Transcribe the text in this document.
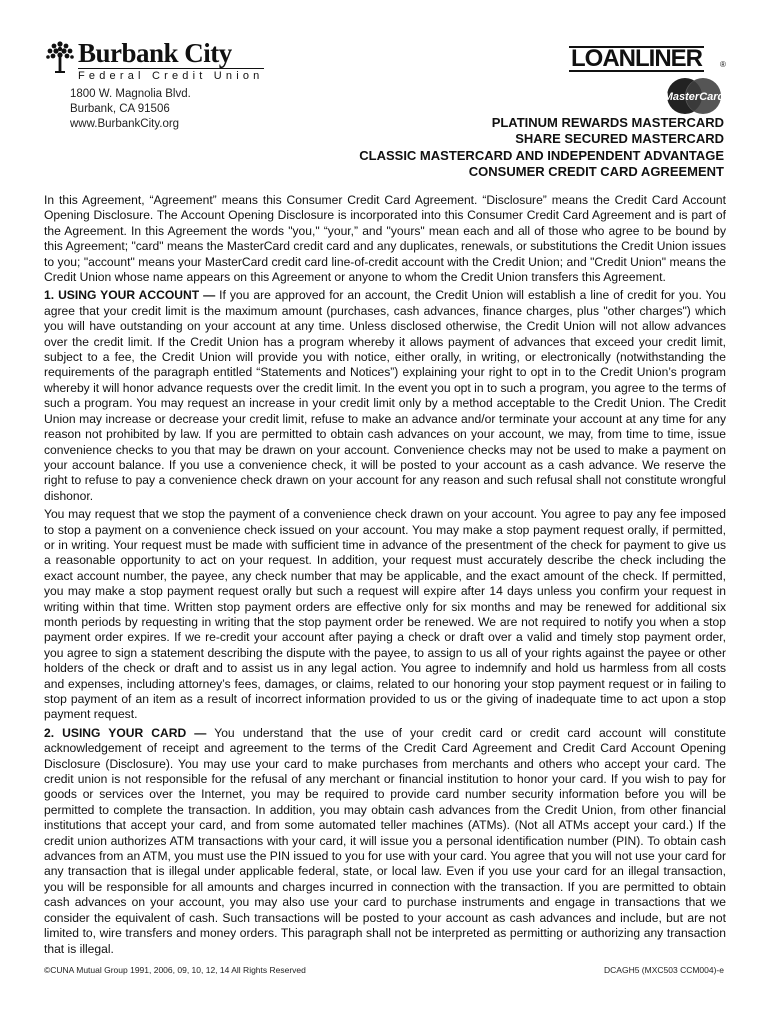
Burbank City
Federal Credit Union
1800 W. Magnolia Blvd.
Burbank, CA 91506
www.BurbankCity.org
LOANLINER ®
MasterCard
PLATINUM REWARDS MASTERCARD
SHARE SECURED MASTERCARD
CLASSIC MASTERCARD AND INDEPENDENT ADVANTAGE
CONSUMER CREDIT CARD AGREEMENT

In this Agreement, “Agreement” means this Consumer Credit Card Agreement. “Disclosure” means the Credit Card Account Opening Disclosure. The Account Opening Disclosure is incorporated into this Consumer Credit Card Agreement and is part of the Agreement. In this Agreement the words "you," “your,” and "yours" mean each and all of those who agree to be bound by this Agreement; "card" means the MasterCard credit card and any duplicates, renewals, or substitutions the Credit Union issues to you; "account" means your MasterCard credit card line-of-credit account with the Credit Union; and "Credit Union" means the Credit Union whose name appears on this Agreement or anyone to whom the Credit Union transfers this Agreement.

1. USING YOUR ACCOUNT — If you are approved for an account, the Credit Union will establish a line of credit for you. You agree that your credit limit is the maximum amount (purchases, cash advances, finance charges, plus "other charges") which you will have outstanding on your account at any time. Unless disclosed otherwise, the Credit Union will not allow advances over the credit limit. If the Credit Union has a program whereby it allows payment of advances that exceed your credit limit, subject to a fee, the Credit Union will provide you with notice, either orally, in writing, or electronically (notwithstanding the requirements of the paragraph entitled “Statements and Notices”) explaining your right to opt in to the Credit Union’s program whereby it will honor advance requests over the credit limit. In the event you opt in to such a program, you agree to the terms of such a program. You may request an increase in your credit limit only by a method acceptable to the Credit Union. The Credit Union may increase or decrease your credit limit, refuse to make an advance and/or terminate your account at any time for any reason not prohibited by law. If you are permitted to obtain cash advances on your account, we may, from time to time, issue convenience checks to you that may be drawn on your account. Convenience checks may not be used to make a payment on your account balance. If you use a convenience check, it will be posted to your account as a cash advance. We reserve the right to refuse to pay a convenience check drawn on your account for any reason and such refusal shall not constitute wrongful dishonor.

You may request that we stop the payment of a convenience check drawn on your account. You agree to pay any fee imposed to stop a payment on a convenience check issued on your account. You may make a stop payment request orally, if permitted, or in writing. Your request must be made with sufficient time in advance of the presentment of the check for payment to give us a reasonable opportunity to act on your request. In addition, your request must accurately describe the check including the exact account number, the payee, any check number that may be applicable, and the exact amount of the check. If permitted, you may make a stop payment request orally but such a request will expire after 14 days unless you confirm your request in writing within that time. Written stop payment orders are effective only for six months and may be renewed for additional six month periods by requesting in writing that the stop payment order be renewed. We are not required to notify you when a stop payment order expires. If we re-credit your account after paying a check or draft over a valid and timely stop payment order, you agree to sign a statement describing the dispute with the payee, to assign to us all of your rights against the payee or other holders of the check or draft and to assist us in any legal action. You agree to indemnify and hold us harmless from all costs and expenses, including attorney’s fees, damages, or claims, related to our honoring your stop payment request or in failing to stop payment of an item as a result of incorrect information provided to us or the giving of inadequate time to act upon a stop payment request.

2. USING YOUR CARD — You understand that the use of your credit card or credit card account will constitute acknowledgement of receipt and agreement to the terms of the Credit Card Agreement and Credit Card Account Opening Disclosure (Disclosure). You may use your card to make purchases from merchants and others who accept your card. The credit union is not responsible for the refusal of any merchant or financial institution to honor your card. If you wish to pay for goods or services over the Internet, you may be required to provide card number security information before you will be permitted to complete the transaction. In addition, you may obtain cash advances from the Credit Union, from other financial institutions that accept your card, and from some automated teller machines (ATMs). (Not all ATMs accept your card.) If the credit union authorizes ATM transactions with your card, it will issue you a personal identification number (PIN). To obtain cash advances from an ATM, you must use the PIN issued to you for use with your card. You agree that you will not use your card for any transaction that is illegal under applicable federal, state, or local law. Even if you use your card for an illegal transaction, you will be responsible for all amounts and charges incurred in connection with the transaction. If you are permitted to obtain cash advances on your account, you may also use your card to purchase instruments and engage in transactions that we consider the equivalent of cash. Such transactions will be posted to your account as cash advances and include, but are not limited to, wire transfers and money orders. This paragraph shall not be interpreted as permitting or authorizing any transaction that is illegal.

©CUNA Mutual Group 1991, 2006, 09, 10, 12, 14 All Rights Reserved	DCAGH5 (MXC503 CCM004)-e
